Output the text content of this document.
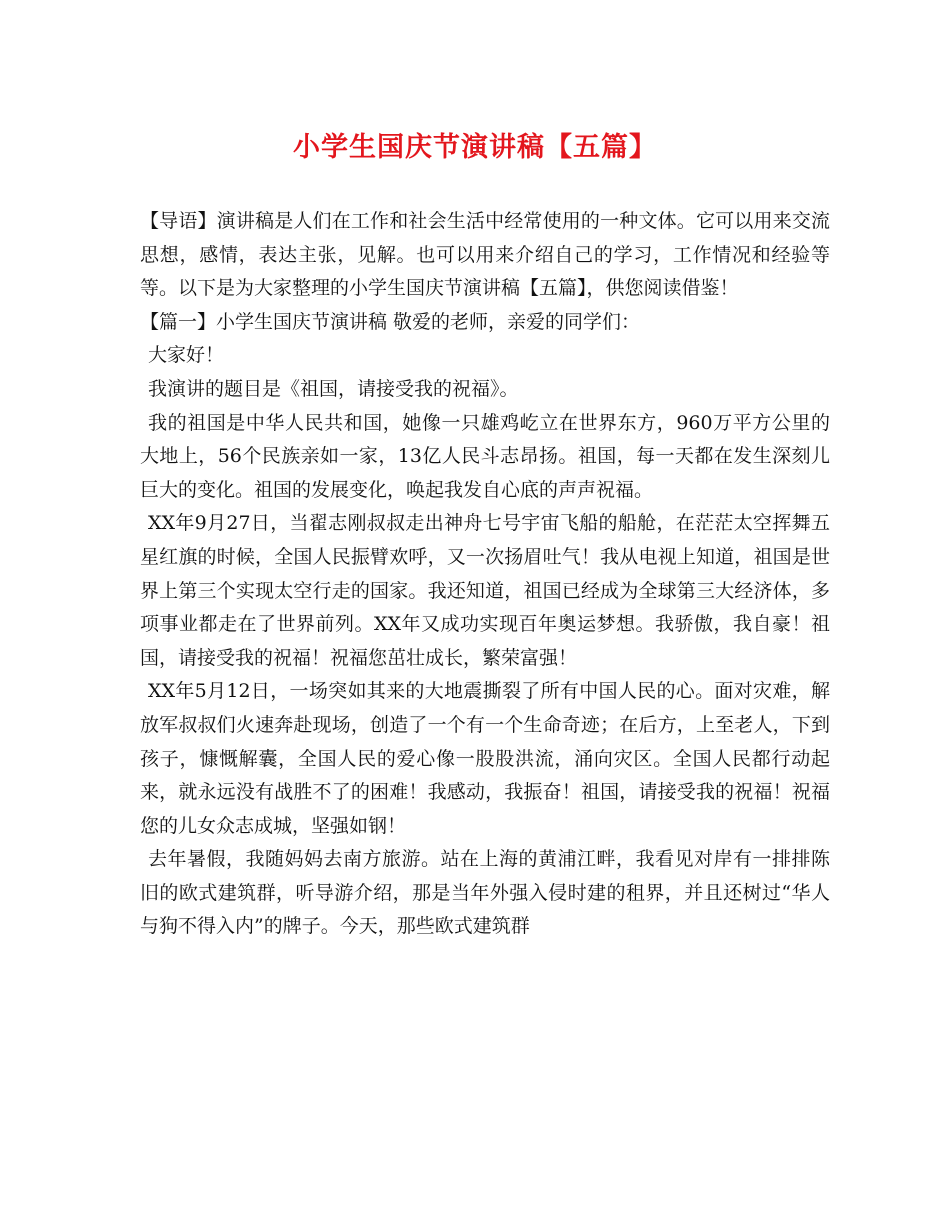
小学生国庆节演讲稿【五篇】

【导语】演讲稿是人们在工作和社会生活中经常使用的一种文体。它可以用来交流思想，感情，表达主张，见解。也可以用来介绍自己的学习，工作情况和经验等等。以下是为大家整理的小学生国庆节演讲稿【五篇】，供您阅读借鉴！

【篇一】小学生国庆节演讲稿 敬爱的老师，亲爱的同学们：

大家好！

我演讲的题目是《祖国，请接受我的祝福》。

我的祖国是中华人民共和国，她像一只雄鸡屹立在世界东方，960万平方公里的大地上，56个民族亲如一家，13亿人民斗志昂扬。祖国，每一天都在发生深刻儿巨大的变化。祖国的发展变化，唤起我发自心底的声声祝福。

XX年9月27日，当翟志刚叔叔走出神舟七号宇宙飞船的船舱，在茫茫太空挥舞五星红旗的时候，全国人民振臂欢呼，又一次扬眉吐气！我从电视上知道，祖国是世界上第三个实现太空行走的国家。我还知道，祖国已经成为全球第三大经济体，多项事业都走在了世界前列。XX年又成功实现百年奥运梦想。我骄傲，我自豪！祖国，请接受我的祝福！祝福您茁壮成长，繁荣富强！

XX年5月12日，一场突如其来的大地震撕裂了所有中国人民的心。面对灾难，解放军叔叔们火速奔赴现场，创造了一个有一个生命奇迹；在后方，上至老人，下到孩子，慷慨解囊，全国人民的爱心像一股股洪流，涌向灾区。全国人民都行动起来，就永远没有战胜不了的困难！我感动，我振奋！祖国，请接受我的祝福！祝福您的儿女众志成城，坚强如钢！

去年暑假，我随妈妈去南方旅游。站在上海的黄浦江畔，我看见对岸有一排排陈旧的欧式建筑群，听导游介绍，那是当年外强入侵时建的租界，并且还树过“华人与狗不得入内”的牌子。今天，那些欧式建筑群
